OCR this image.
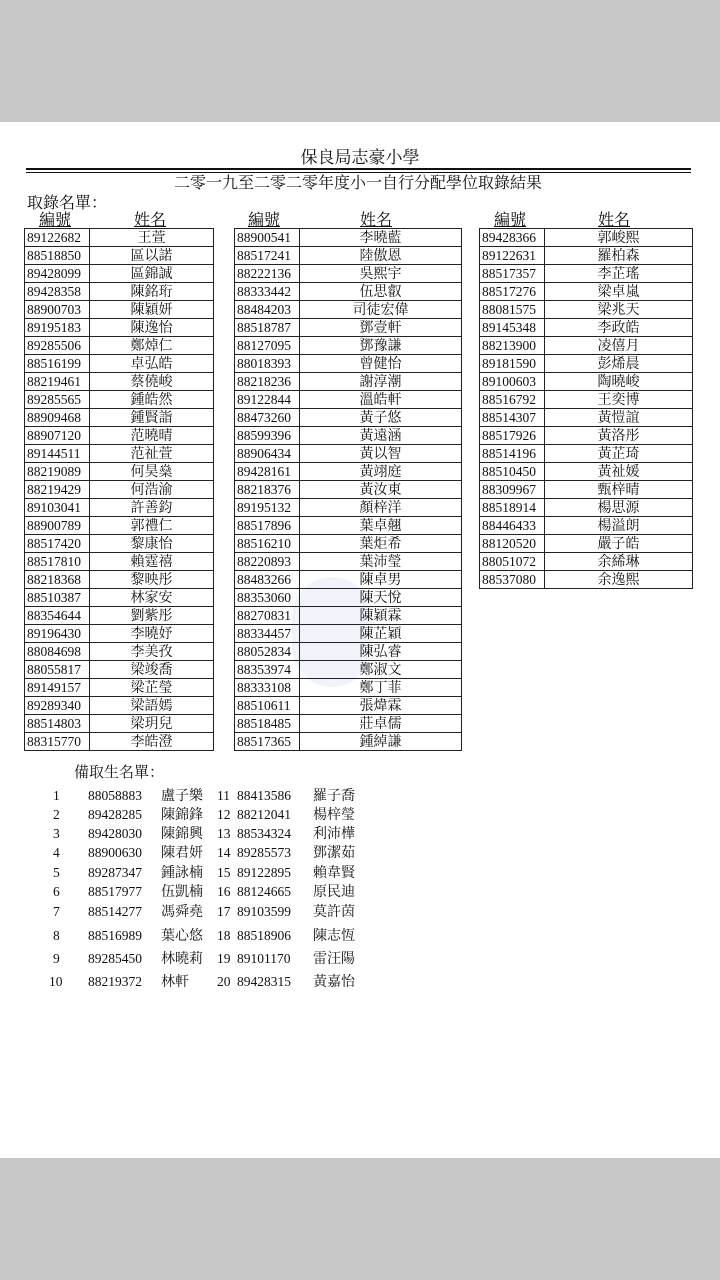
保良局志豪小學
二零一九至二零二零年度小一自行分配學位取錄結果
取錄名單：
編號	姓名	編號	姓名	編號	姓名
89122682	王萱
88518850	區以諾
89428099	區錦誠
89428358	陳銘珩
88900703	陳穎妍
89195183	陳逸怡
89285506	鄭焯仁
88516199	卓弘皓
88219461	蔡僥峻
89285565	鍾皓然
88909468	鍾賢詣
88907120	范曉晴
89144511	范祉萱
88219089	何昊燊
88219429	何浩渝
89103041	許善鈞
88900789	郭禮仁
88517420	黎康怡
88517810	賴霆禧
88218368	黎映彤
88510387	林家安
88354644	劉紫彤
89196430	李曉妤
88084698	李美孜
88055817	梁竣喬
89149157	梁芷瑩
89289340	梁語嫣
88514803	梁玥兒
88315770	李皓澄
88900541	李曉藍
88517241	陸傲恩
88222136	吳熙宇
88333442	伍思叡
88484203	司徒宏偉
88518787	鄧壹軒
88127095	鄧豫謙
88018393	曾健怡
88218236	謝淳潮
89122844	溫皓軒
88473260	黃子悠
88599396	黃遠涵
88906434	黃以智
89428161	黃翊庭
88218376	黃汝東
89195132	顏梓洋
88517896	葉卓翹
88516210	葉炬希
88220893	葉沛瑩
88483266	陳卓男
88353060	陳天悅
88270831	陳穎霖
88334457	陳芷穎
88052834	陳弘睿
88353974	鄭淑文
88333108	鄭丁菲
88510611	張煒霖
88518485	莊卓儒
88517365	鍾綽謙
89428366	郭峻熙
89122631	羅柏森
88517357	李芷瑤
88517276	梁卓嵐
88081575	梁兆天
89145348	李政皓
88213900	凌僖月
89181590	彭烯晨
89100603	陶曉峻
88516792	王奕博
88514307	黃愷誼
88517926	黃洛彤
88514196	黃芷琦
88510450	黃祉媛
88309967	甄梓晴
88518914	楊思源
88446433	楊溢朗
88120520	嚴子皓
88051072	余絺琳
88537080	余逸熙
備取生名單：
1 88058883 盧子樂 11 88413586 羅子喬
2 89428285 陳錦鋒 12 88212041 楊梓瑩
3 89428030 陳錦興 13 88534324 利沛樺
4 88900630 陳君妍 14 89285573 鄧潔茹
5 89287347 鍾詠楠 15 89122895 賴韋賢
6 88517977 伍凱楠 16 88124665 原民迪
7 88514277 馮舜堯 17 89103599 莫許茵
8 88516989 葉心悠 18 88518906 陳志恆
9 89285450 林曉莉 19 89101170 雷汪陽
10 88219372 林軒 20 89428315 黃嘉怡
